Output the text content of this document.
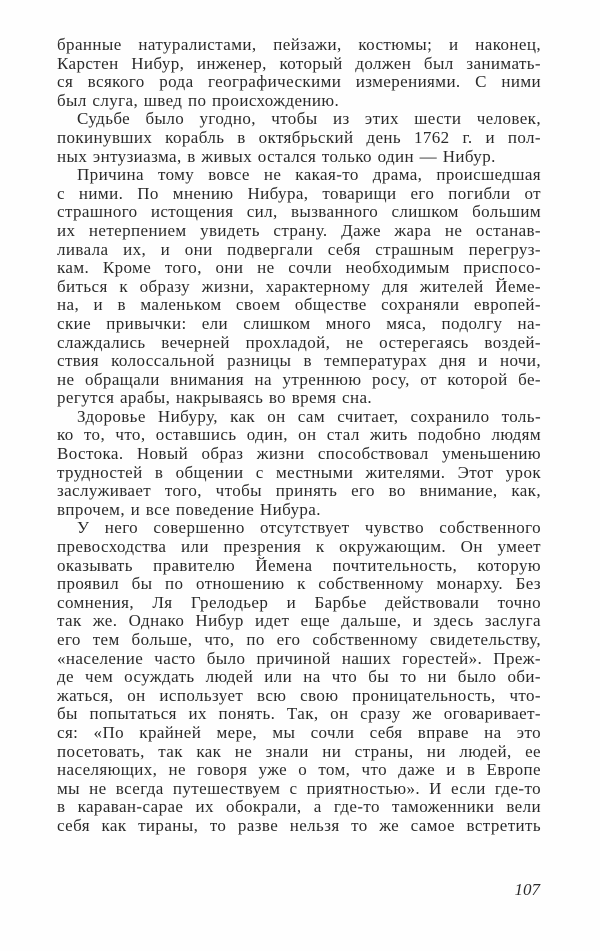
бранные натуралистами, пейзажи, костюмы; и наконец,
Карстен Нибур, инженер, который должен был занимать-
ся всякого рода географическими измерениями. С ними
был слуга, швед по происхождению.
Судьбе было угодно, чтобы из этих шести человек,
покинувших корабль в октябрьский день 1762 г. и пол-
ных энтузиазма, в живых остался только один — Нибур.
Причина тому вовсе не какая-то драма, происшедшая
с ними. По мнению Нибура, товарищи его погибли от
страшного истощения сил, вызванного слишком большим
их нетерпением увидеть страну. Даже жара не останав-
ливала их, и они подвергали себя страшным перегруз-
кам. Кроме того, они не сочли необходимым приспосо-
биться к образу жизни, характерному для жителей Йеме-
на, и в маленьком своем обществе сохраняли европей-
ские привычки: ели слишком много мяса, подолгу на-
слаждались вечерней прохладой, не остерегаясь воздей-
ствия колоссальной разницы в температурах дня и ночи,
не обращали внимания на утреннюю росу, от которой бе-
регутся арабы, накрываясь во время сна.
Здоровье Нибуру, как он сам считает, сохранило толь-
ко то, что, оставшись один, он стал жить подобно людям
Востока. Новый образ жизни способствовал уменьшению
трудностей в общении с местными жителями. Этот урок
заслуживает того, чтобы принять его во внимание, как,
впрочем, и все поведение Нибура.
У него совершенно отсутствует чувство собственного
превосходства или презрения к окружающим. Он умеет
оказывать правителю Йемена почтительность, которую
проявил бы по отношению к собственному монарху. Без
сомнения, Ля Грелодьер и Барбье действовали точно
так же. Однако Нибур идет еще дальше, и здесь заслуга
его тем больше, что, по его собственному свидетельству,
«население часто было причиной наших горестей». Преж-
де чем осуждать людей или на что бы то ни было оби-
жаться, он использует всю свою проницательность, что-
бы попытаться их понять. Так, он сразу же оговаривает-
ся: «По крайней мере, мы сочли себя вправе на это
посетовать, так как не знали ни страны, ни людей, ее
населяющих, не говоря уже о том, что даже и в Европе
мы не всегда путешествуем с приятностью». И если где-то
в караван-сарае их обокрали, а где-то таможенники вели
себя как тираны, то разве нельзя то же самое встретить
107
